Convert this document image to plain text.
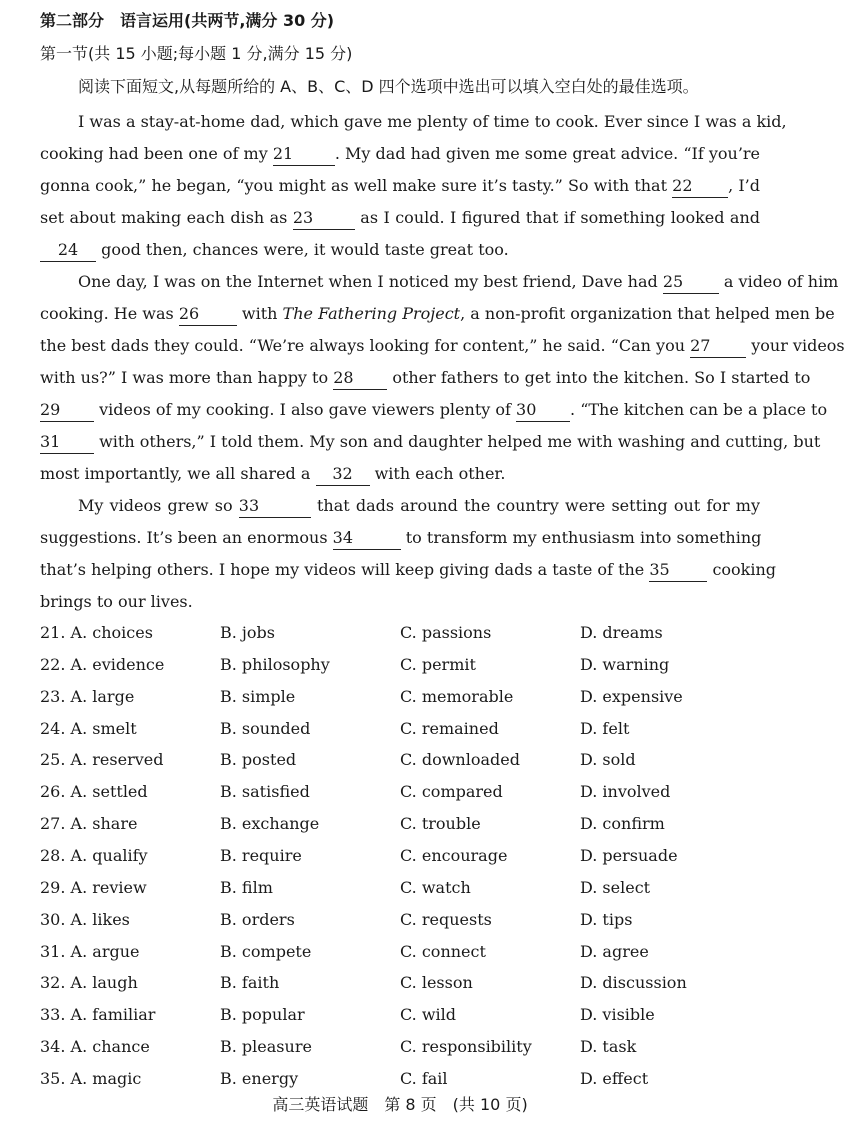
第二部分　语言运用(共两节,满分 30 分)
第一节(共 15 小题;每小题 1 分,满分 15 分)
阅读下面短文,从每题所给的 A、B、C、D 四个选项中选出可以填入空白处的最佳选项。
I was a stay-at-home dad, which gave me plenty of time to cook. Ever since I was a kid,
cooking had been one of my 21	. My dad had given me some great advice. “If you’re
gonna cook,” he began, “you might as well make sure it’s tasty.” So with that 22 , I’d
set about making each dish as 23	as I could. I figured that if something looked and
24 good then, chances were, it would taste great too.
One day, I was on the Internet when I noticed my best friend, Dave had 25	a video of him
cooking. He was 26	with The Fathering Project, a non-profit organization that helped men be
the best dads they could. “We’re always looking for content,” he said. “Can you 27	your videos
with us?” I was more than happy to 28 other fathers to get into the kitchen. So I started to
29 videos of my cooking. I also gave viewers plenty of 30 . “The kitchen can be a place to
31 with others,” I told them. My son and daughter helped me with washing and cutting, but
most importantly, we all shared a 32 with each other.
My videos grew so 33	that dads around the country were setting out for my
suggestions. It’s been an enormous 34	to transform my enthusiasm into something
that’s helping others. I hope my videos will keep giving dads a taste of the 35	cooking
brings to our lives.
21. A. choices	B. jobs	C. passions	D. dreams
22. A. evidence	B. philosophy	C. permit	D. warning
23. A. large	B. simple	C. memorable	D. expensive
24. A. smelt	B. sounded	C. remained	D. felt
25. A. reserved	B. posted	C. downloaded	D. sold
26. A. settled	B. satisfied	C. compared	D. involved
27. A. share	B. exchange	C. trouble	D. confirm
28. A. qualify	B. require	C. encourage	D. persuade
29. A. review	B. film	C. watch	D. select
30. A. likes	B. orders	C. requests	D. tips
31. A. argue	B. compete	C. connect	D. agree
32. A. laugh	B. faith	C. lesson	D. discussion
33. A. familiar	B. popular	C. wild	D. visible
34. A. chance	B. pleasure	C. responsibility	D. task
35. A. magic	B. energy	C. fail	D. effect
高三英语试题　第 8 页　(共 10 页)
